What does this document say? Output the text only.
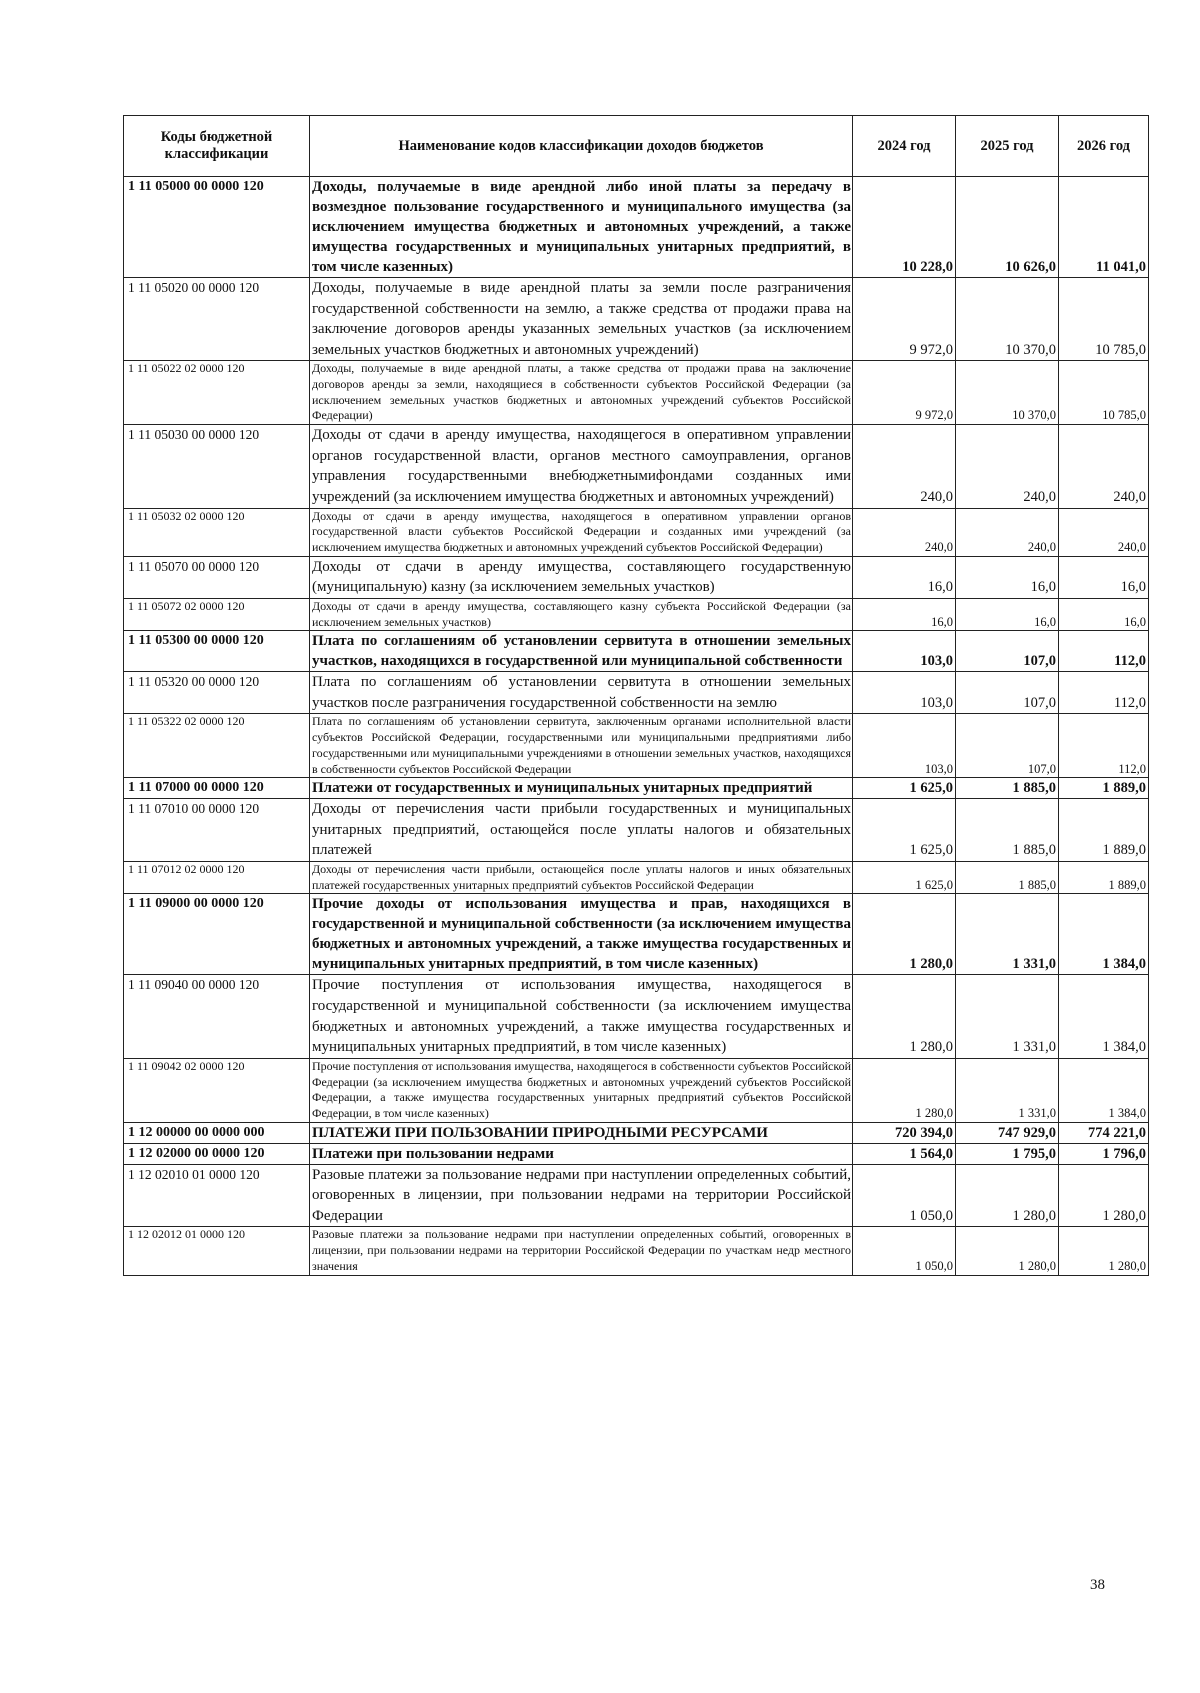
Коды бюджетной классификации	Наименование кодов классификации доходов бюджетов	2024 год	2025 год	2026 год
1 11 05000 00 0000 120	Доходы, получаемые в виде арендной либо иной платы за передачу в возмездное пользование государственного и муниципального имущества (за исключением имущества бюджетных и автономных учреждений, а также имущества государственных и муниципальных унитарных предприятий, в том числе казенных)	10 228,0	10 626,0	11 041,0
1 11 05020 00 0000 120	Доходы, получаемые в виде арендной платы за земли после разграничения государственной собственности на землю, а также средства от продажи права на заключение договоров аренды указанных земельных участков (за исключением земельных участков бюджетных и автономных учреждений)	9 972,0	10 370,0	10 785,0
1 11 05022 02 0000 120	Доходы, получаемые в виде арендной платы, а также средства от продажи права на заключение договоров аренды за земли, находящиеся в собственности субъектов Российской Федерации (за исключением земельных участков бюджетных и автономных учреждений субъектов Российской Федерации)	9 972,0	10 370,0	10 785,0
1 11 05030 00 0000 120	Доходы от сдачи в аренду имущества, находящегося в оперативном управлении органов государственной власти, органов местного самоуправления, органов управления государственными внебюджетнымифондами созданных ими учреждений (за исключением имущества бюджетных и автономных учреждений)	240,0	240,0	240,0
1 11 05032 02 0000 120	Доходы от сдачи в аренду имущества, находящегося в оперативном управлении органов государственной власти субъектов Российской Федерации и созданных ими учреждений (за исключением имущества бюджетных и автономных учреждений субъектов Российской Федерации)	240,0	240,0	240,0
1 11 05070 00 0000 120	Доходы от сдачи в аренду имущества, составляющего государственную (муниципальную) казну (за исключением земельных участков)	16,0	16,0	16,0
1 11 05072 02 0000 120	Доходы от сдачи в аренду имущества, составляющего казну субъекта Российской Федерации (за исключением земельных участков)	16,0	16,0	16,0
1 11 05300 00 0000 120	Плата по соглашениям об установлении сервитута в отношении земельных участков, находящихся в государственной или муниципальной собственности	103,0	107,0	112,0
1 11 05320 00 0000 120	Плата по соглашениям об установлении сервитута в отношении земельных участков после разграничения государственной собственности на землю	103,0	107,0	112,0
1 11 05322 02 0000 120	Плата по соглашениям об установлении сервитута, заключенным органами исполнительной власти субъектов Российской Федерации, государственными или муниципальными предприятиями либо государственными или муниципальными учреждениями в отношении земельных участков, находящихся в собственности субъектов Российской Федерации	103,0	107,0	112,0
1 11 07000 00 0000 120	Платежи от государственных и муниципальных унитарных предприятий	1 625,0	1 885,0	1 889,0
1 11 07010 00 0000 120	Доходы от перечисления части прибыли государственных и муниципальных унитарных предприятий, остающейся после уплаты налогов и обязательных платежей	1 625,0	1 885,0	1 889,0
1 11 07012 02 0000 120	Доходы от перечисления части прибыли, остающейся после уплаты налогов и иных обязательных платежей государственных унитарных предприятий субъектов Российской Федерации	1 625,0	1 885,0	1 889,0
1 11 09000 00 0000 120	Прочие доходы от использования имущества и прав, находящихся в государственной и муниципальной собственности (за исключением имущества бюджетных и автономных учреждений, а также имущества государственных и муниципальных унитарных предприятий, в том числе казенных)	1 280,0	1 331,0	1 384,0
1 11 09040 00 0000 120	Прочие поступления от использования имущества, находящегося в государственной и муниципальной собственности (за исключением имущества бюджетных и автономных учреждений, а также имущества государственных и муниципальных унитарных предприятий, в том числе казенных)	1 280,0	1 331,0	1 384,0
1 11 09042 02 0000 120	Прочие поступления от использования имущества, находящегося в собственности субъектов Российской Федерации (за исключением имущества бюджетных и автономных учреждений субъектов Российской Федерации, а также имущества государственных унитарных предприятий субъектов Российской Федерации, в том числе казенных)	1 280,0	1 331,0	1 384,0
1 12 00000 00 0000 000	ПЛАТЕЖИ ПРИ ПОЛЬЗОВАНИИ ПРИРОДНЫМИ РЕСУРСАМИ	720 394,0	747 929,0	774 221,0
1 12 02000 00 0000 120	Платежи при пользовании недрами	1 564,0	1 795,0	1 796,0
1 12 02010 01 0000 120	Разовые платежи за пользование недрами при наступлении определенных событий, оговоренных в лицензии, при пользовании недрами на территории Российской Федерации	1 050,0	1 280,0	1 280,0
1 12 02012 01 0000 120	Разовые платежи за пользование недрами при наступлении определенных событий, оговоренных в лицензии, при пользовании недрами на территории Российской Федерации по участкам недр местного значения	1 050,0	1 280,0	1 280,0
38
